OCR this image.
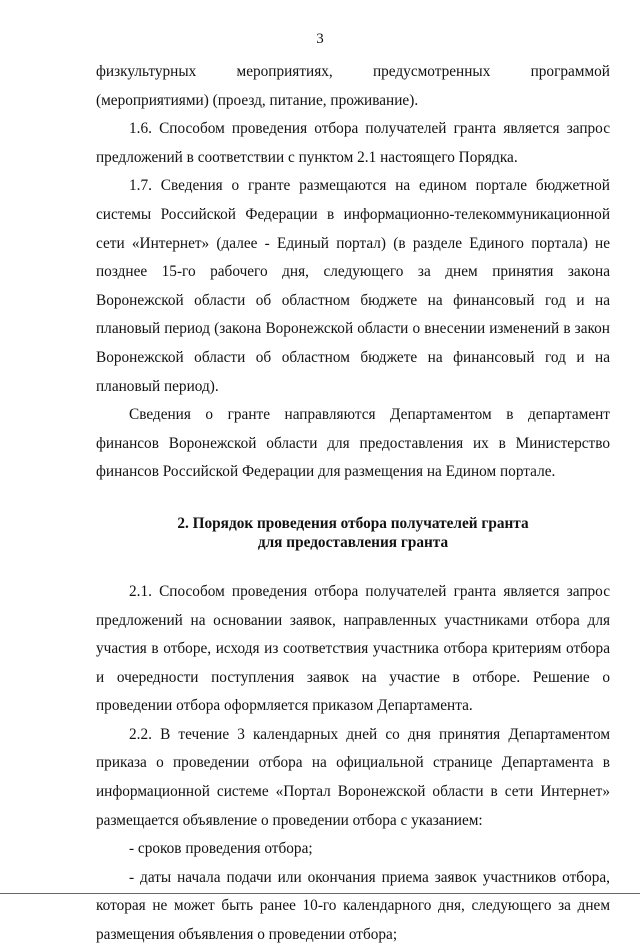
3

физкультурных мероприятиях, предусмотренных программой (мероприятиями) (проезд, питание, проживание).

1.6. Способом проведения отбора получателей гранта является запрос предложений в соответствии с пунктом 2.1 настоящего Порядка.

1.7. Сведения о гранте размещаются на едином портале бюджетной системы Российской Федерации в информационно-телекоммуникационной сети «Интернет» (далее - Единый портал) (в разделе Единого портала) не позднее 15-го рабочего дня, следующего за днем принятия закона Воронежской области об областном бюджете на финансовый год и на плановый период (закона Воронежской области о внесении изменений в закон Воронежской области об областном бюджете на финансовый год и на плановый период).

Сведения о гранте направляются Департаментом в департамент финансов Воронежской области для предоставления их в Министерство финансов Российской Федерации для размещения на Едином портале.

2. Порядок проведения отбора получателей гранта
для предоставления гранта

2.1. Способом проведения отбора получателей гранта является запрос предложений на основании заявок, направленных участниками отбора для участия в отборе, исходя из соответствия участника отбора критериям отбора и очередности поступления заявок на участие в отборе. Решение о проведении отбора оформляется приказом Департамента.

2.2. В течение 3 календарных дней со дня принятия Департаментом приказа о проведении отбора на официальной странице Департамента в информационной системе «Портал Воронежской области в сети Интернет» размещается объявление о проведении отбора с указанием:

- сроков проведения отбора;

- даты начала подачи или окончания приема заявок участников отбора, которая не может быть ранее 10-го календарного дня, следующего за днем размещения объявления о проведении отбора;
